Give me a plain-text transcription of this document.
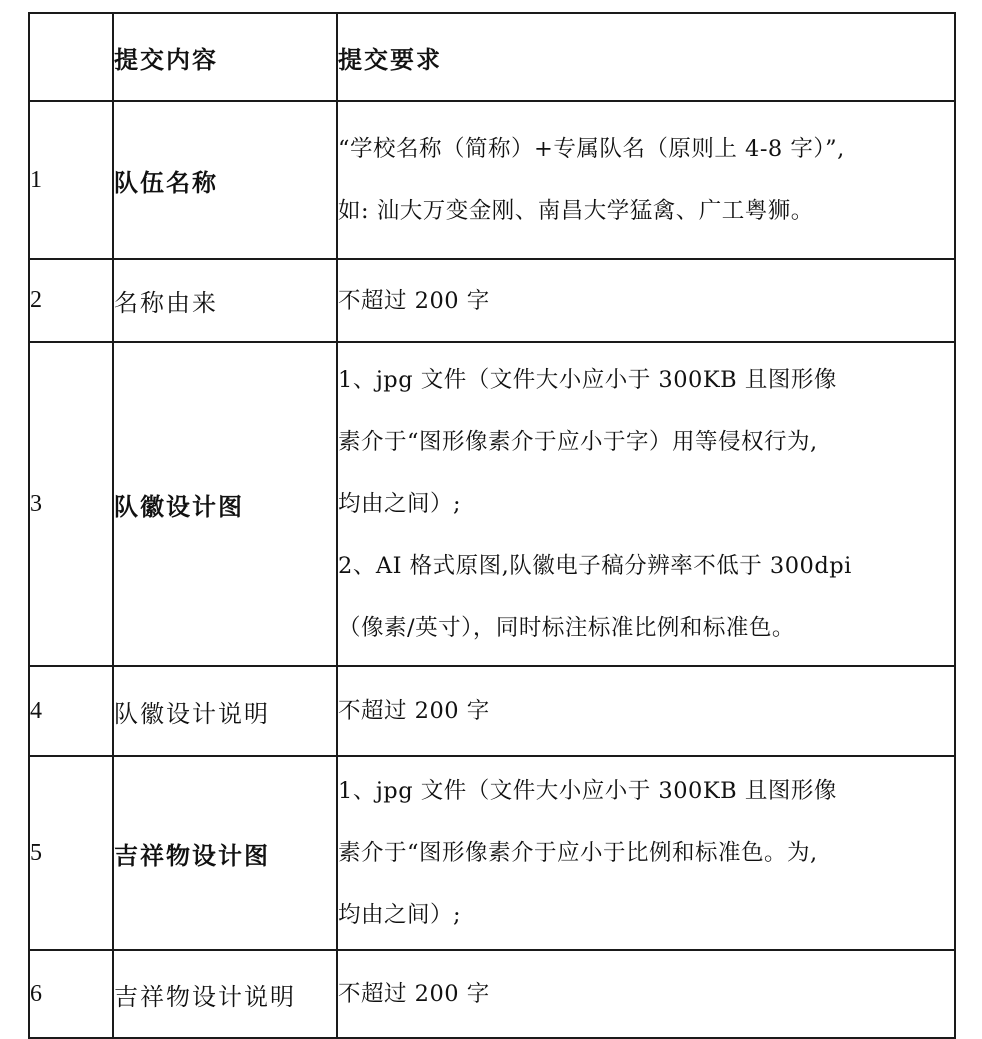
	提交内容	提交要求
1	队伍名称	“学校名称（简称）+专属队名（原则上 4-8 字）”,
如: 汕大万变金刚、南昌大学猛禽、广工粤狮。

2	名称由来	不超过 200 字

3	队徽设计图	1、jpg 文件（文件大小应小于 300KB 且图形像
素介于“图形像素介于应小于字）用等侵权行为,
均由之间）;
2、AI 格式原图,队徽电子稿分辨率不低于 300dpi
（像素/英寸），同时标注标准比例和标准色。

4	队徽设计说明	不超过 200 字

5	吉祥物设计图	1、jpg 文件（文件大小应小于 300KB 且图形像
素介于“图形像素介于应小于比例和标准色。为,
均由之间）;

6	吉祥物设计说明	不超过 200 字
